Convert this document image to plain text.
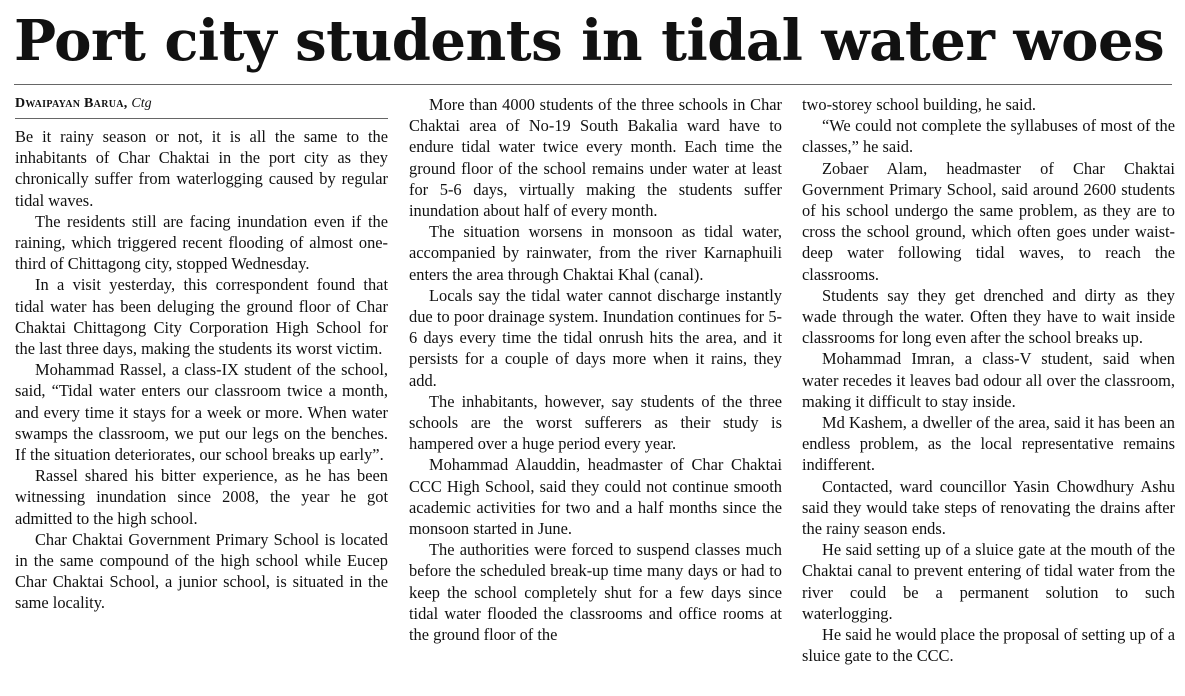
Port city students in tidal water woes
Dwaipayan Barua, Ctg

Be it rainy season or not, it is all the same to the inhabitants of Char Chaktai in the port city as they chronically suffer from waterlogging caused by regular tidal waves.

The residents still are facing inundation even if the raining, which triggered recent flooding of almost one-third of Chittagong city, stopped Wednesday.

In a visit yesterday, this correspondent found that tidal water has been deluging the ground floor of Char Chaktai Chittagong City Corporation High School for the last three days, making the students its worst victim.

Mohammad Rassel, a class-IX student of the school, said, “Tidal water enters our classroom twice a month, and every time it stays for a week or more. When water swamps the classroom, we put our legs on the benches. If the situation deteriorates, our school breaks up early”.

Rassel shared his bitter experience, as he has been witnessing inundation since 2008, the year he got admitted to the high school.

Char Chaktai Government Primary School is located in the same compound of the high school while Eucep Char Chaktai School, a junior school, is situated in the same locality.

More than 4000 students of the three schools in Char Chaktai area of No-19 South Bakalia ward have to endure tidal water twice every month. Each time the ground floor of the school remains under water at least for 5-6 days, virtually making the students suffer inundation about half of every month.

The situation worsens in monsoon as tidal water, accompanied by rainwater, from the river Karnaphuili enters the area through Chaktai Khal (canal).

Locals say the tidal water cannot discharge instantly due to poor drainage system. Inundation continues for 5-6 days every time the tidal onrush hits the area, and it persists for a couple of days more when it rains, they add.

The inhabitants, however, say students of the three schools are the worst sufferers as their study is hampered over a huge period every year.

Mohammad Alauddin, headmaster of Char Chaktai CCC High School, said they could not continue smooth academic activities for two and a half months since the monsoon started in June.

The authorities were forced to suspend classes much before the scheduled break-up time many days or had to keep the school completely shut for a few days since tidal water flooded the classrooms and office rooms at the ground floor of the

two-storey school building, he said.

“We could not complete the syllabuses of most of the classes,” he said.

Zobaer Alam, headmaster of Char Chaktai Government Primary School, said around 2600 students of his school undergo the same problem, as they are to cross the school ground, which often goes under waist-deep water following tidal waves, to reach the classrooms.

Students say they get drenched and dirty as they wade through the water. Often they have to wait inside classrooms for long even after the school breaks up.

Mohammad Imran, a class-V student, said when water recedes it leaves bad odour all over the classroom, making it difficult to stay inside.

Md Kashem, a dweller of the area, said it has been an endless problem, as the local representative remains indifferent.

Contacted, ward councillor Yasin Chowdhury Ashu said they would take steps of renovating the drains after the rainy season ends.

He said setting up of a sluice gate at the mouth of the Chaktai canal to prevent entering of tidal water from the river could be a permanent solution to such waterlogging.

He said he would place the proposal of setting up of a sluice gate to the CCC.
